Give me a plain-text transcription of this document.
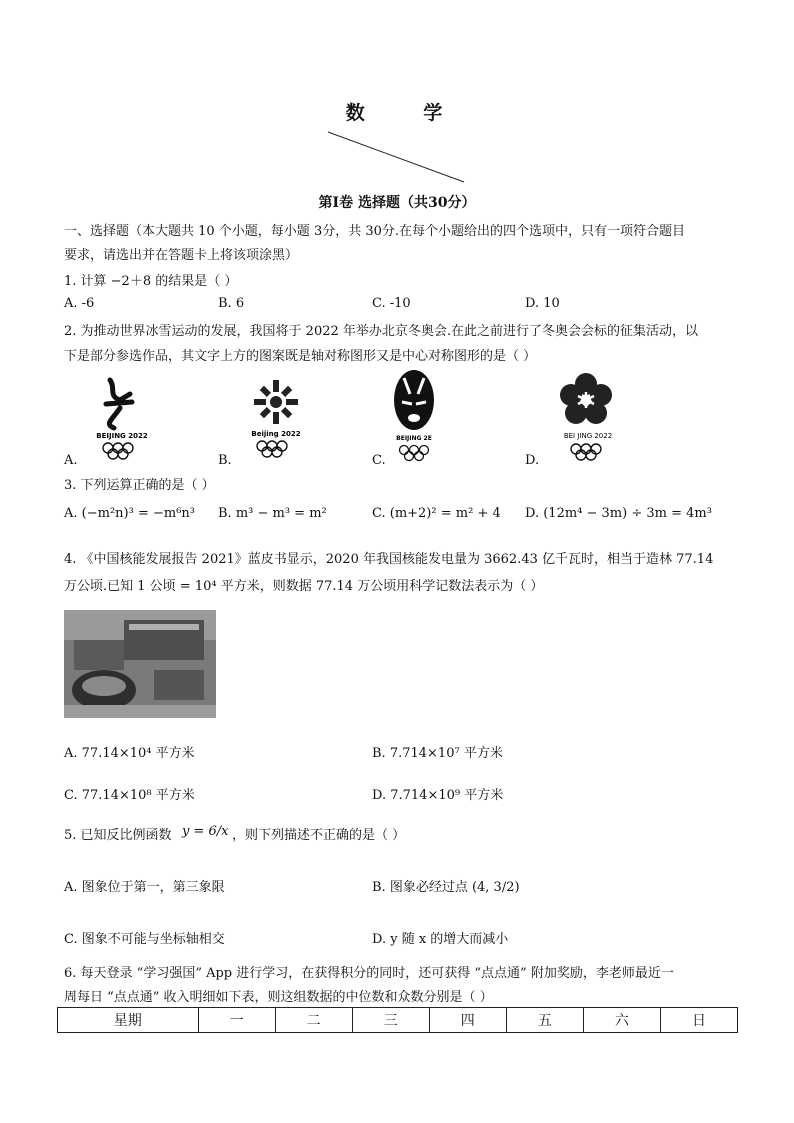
数 学
第Ⅰ卷 选择题（共30分）
一、选择题（本大题共 10 个小题，每小题 3分，共 30分.在每个小题给出的四个选项中，只有一项符合题目
要求，请选出并在答题卡上将该项涂黑）
1. 计算 −2＋8 的结果是（ ）
A. -6	B. 6	C. -10	D. 10
2. 为推动世界冰雪运动的发展，我国将于 2022 年举办北京冬奥会.在此之前进行了冬奥会会标的征集活动，以
下是部分参选作品，其文字上方的图案既是轴对称图形又是中心对称图形的是（ ）
BEIJING 2022	Beijing 2022
BEIJING 2E	BEI JING 2022
A.	B.	C.	D.
3. 下列运算正确的是（ ）
A. (−m²n)³ = −m⁶n³ B. m³ − m³ = m²	C. (m+2)² = m² + 4 D. (12m⁴ − 3m) ÷ 3m = 4m³
4. 《中国核能发展报告 2021》蓝皮书显示，2020 年我国核能发电量为 3662.43 亿千瓦时，相当于造林 77.14
万公顷.已知 1 公顷 = 10⁴ 平方米，则数据 77.14 万公顷用科学记数法表示为（ ）
A. 77.14×10⁴ 平方米	B. 7.714×10⁷ 平方米
C. 77.14×10⁸ 平方米	D. 7.714×10⁹ 平方米
5. 已知反比例函数 y = 6/x ，则下列描述不正确的是（ ）
A. 图象位于第一，第三象限	B. 图象必经过点 (4, 3/2)
C. 图象不可能与坐标轴相交	D. y 随 x 的增大而减小
6. 每天登录 “学习强国” App 进行学习，在获得积分的同时，还可获得 “点点通” 附加奖励，李老师最近一
周每日 “点点通” 收入明细如下表，则这组数据的中位数和众数分别是（ ）
星期	一	二	三	四	五	六	日
